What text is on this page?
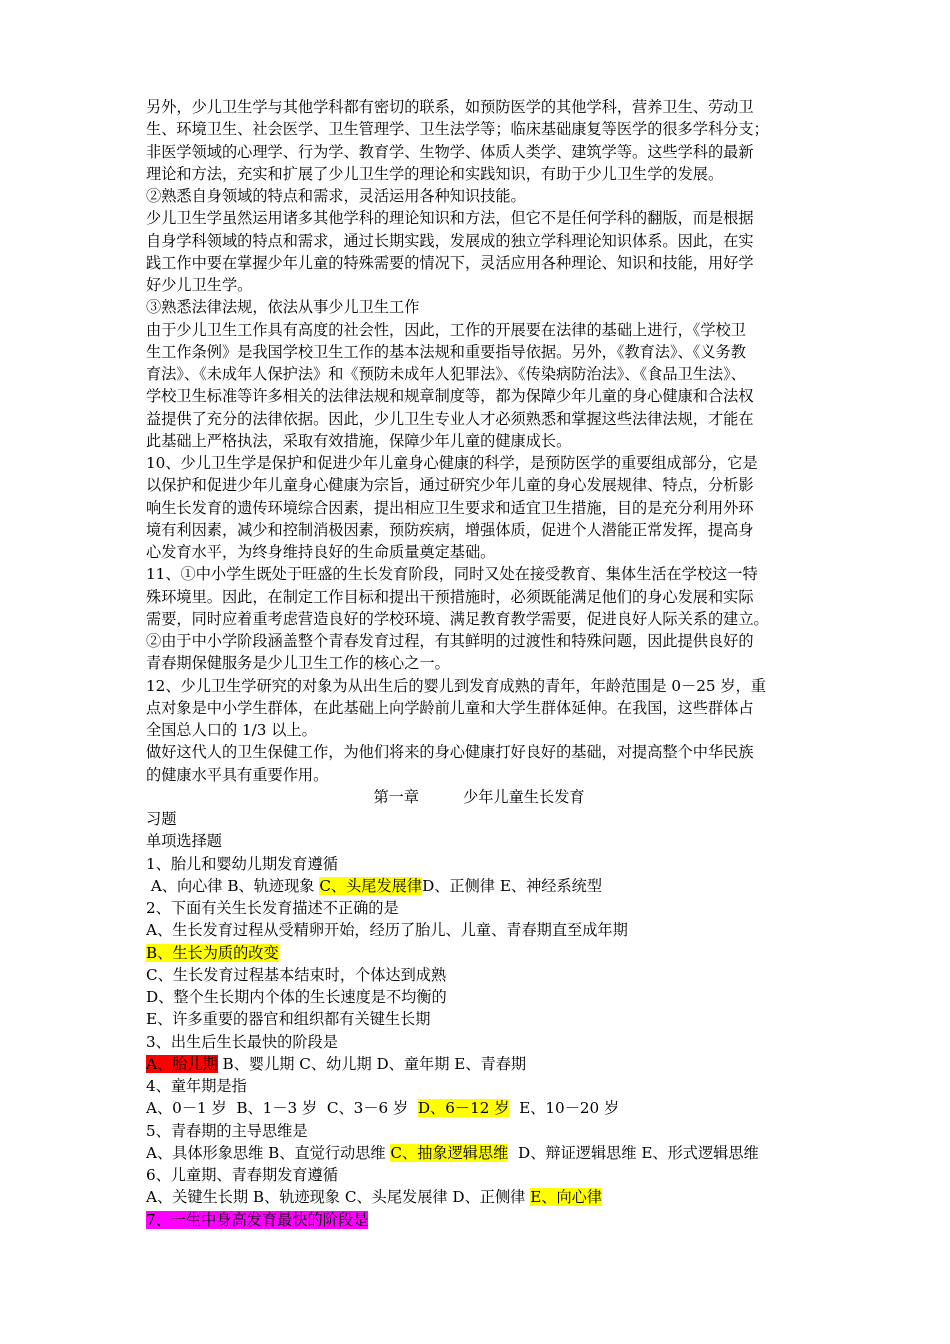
另外，少儿卫生学与其他学科都有密切的联系，如预防医学的其他学科，营养卫生、劳动卫
生、环境卫生、社会医学、卫生管理学、卫生法学等；临床基础康复等医学的很多学科分支；
非医学领域的心理学、行为学、教育学、生物学、体质人类学、建筑学等。这些学科的最新
理论和方法，充实和扩展了少儿卫生学的理论和实践知识，有助于少儿卫生学的发展。
②熟悉自身领域的特点和需求，灵活运用各种知识技能。
少儿卫生学虽然运用诸多其他学科的理论知识和方法，但它不是任何学科的翻版，而是根据
自身学科领域的特点和需求，通过长期实践，发展成的独立学科理论知识体系。因此，在实
践工作中要在掌握少年儿童的特殊需要的情况下，灵活应用各种理论、知识和技能，用好学
好少儿卫生学。
③熟悉法律法规，依法从事少儿卫生工作
由于少儿卫生工作具有高度的社会性，因此，工作的开展要在法律的基础上进行，《学校卫
生工作条例》是我国学校卫生工作的基本法规和重要指导依据。另外，《教育法》、《义务教
育法》、《未成年人保护法》和《预防未成年人犯罪法》、《传染病防治法》、《食品卫生法》、
学校卫生标准等许多相关的法律法规和规章制度等，都为保障少年儿童的身心健康和合法权
益提供了充分的法律依据。因此，少儿卫生专业人才必须熟悉和掌握这些法律法规，才能在
此基础上严格执法，采取有效措施，保障少年儿童的健康成长。
10、少儿卫生学是保护和促进少年儿童身心健康的科学，是预防医学的重要组成部分，它是
以保护和促进少年儿童身心健康为宗旨，通过研究少年儿童的身心发展规律、特点，分析影
响生长发育的遗传环境综合因素，提出相应卫生要求和适宜卫生措施，目的是充分利用外环
境有利因素，减少和控制消极因素，预防疾病，增强体质，促进个人潜能正常发挥，提高身
心发育水平，为终身维持良好的生命质量奠定基础。
11、①中小学生既处于旺盛的生长发育阶段，同时又处在接受教育、集体生活在学校这一特
殊环境里。因此，在制定工作目标和提出干预措施时，必须既能满足他们的身心发展和实际
需要，同时应着重考虑营造良好的学校环境、满足教育教学需要，促进良好人际关系的建立。
②由于中小学阶段涵盖整个青春发育过程，有其鲜明的过渡性和特殊问题，因此提供良好的
青春期保健服务是少儿卫生工作的核心之一。
12、少儿卫生学研究的对象为从出生后的婴儿到发育成熟的青年，年龄范围是 0－25 岁，重
点对象是中小学生群体，在此基础上向学龄前儿童和大学生群体延伸。在我国，这些群体占
全国总人口的 1/3 以上。
做好这代人的卫生保健工作，为他们将来的身心健康打好良好的基础，对提高整个中华民族
的健康水平具有重要作用。
第一章	少年儿童生长发育
习题
单项选择题
1、胎儿和婴幼儿期发育遵循
A、向心律 B、轨迹现象 C、头尾发展律D、正侧律 E、神经系统型
2、下面有关生长发育描述不正确的是
A、生长发育过程从受精卵开始，经历了胎儿、儿童、青春期直至成年期
B、生长为质的改变
C、生长发育过程基本结束时，个体达到成熟
D、整个生长期内个体的生长速度是不均衡的
E、许多重要的器官和组织都有关键生长期
3、出生后生长最快的阶段是
A、胎儿期 B、婴儿期 C、幼儿期 D、童年期 E、青春期
4、童年期是指
A、0－1 岁  B、1－3 岁  C、3－6 岁  D、6－12 岁  E、10－20 岁
5、青春期的主导思维是
A、具体形象思维 B、直觉行动思维 C、抽象逻辑思维  D、辩证逻辑思维 E、形式逻辑思维
6、儿童期、青春期发育遵循
A、关键生长期 B、轨迹现象 C、头尾发展律 D、正侧律 E、向心律
7、一生中身高发育最快的阶段是
